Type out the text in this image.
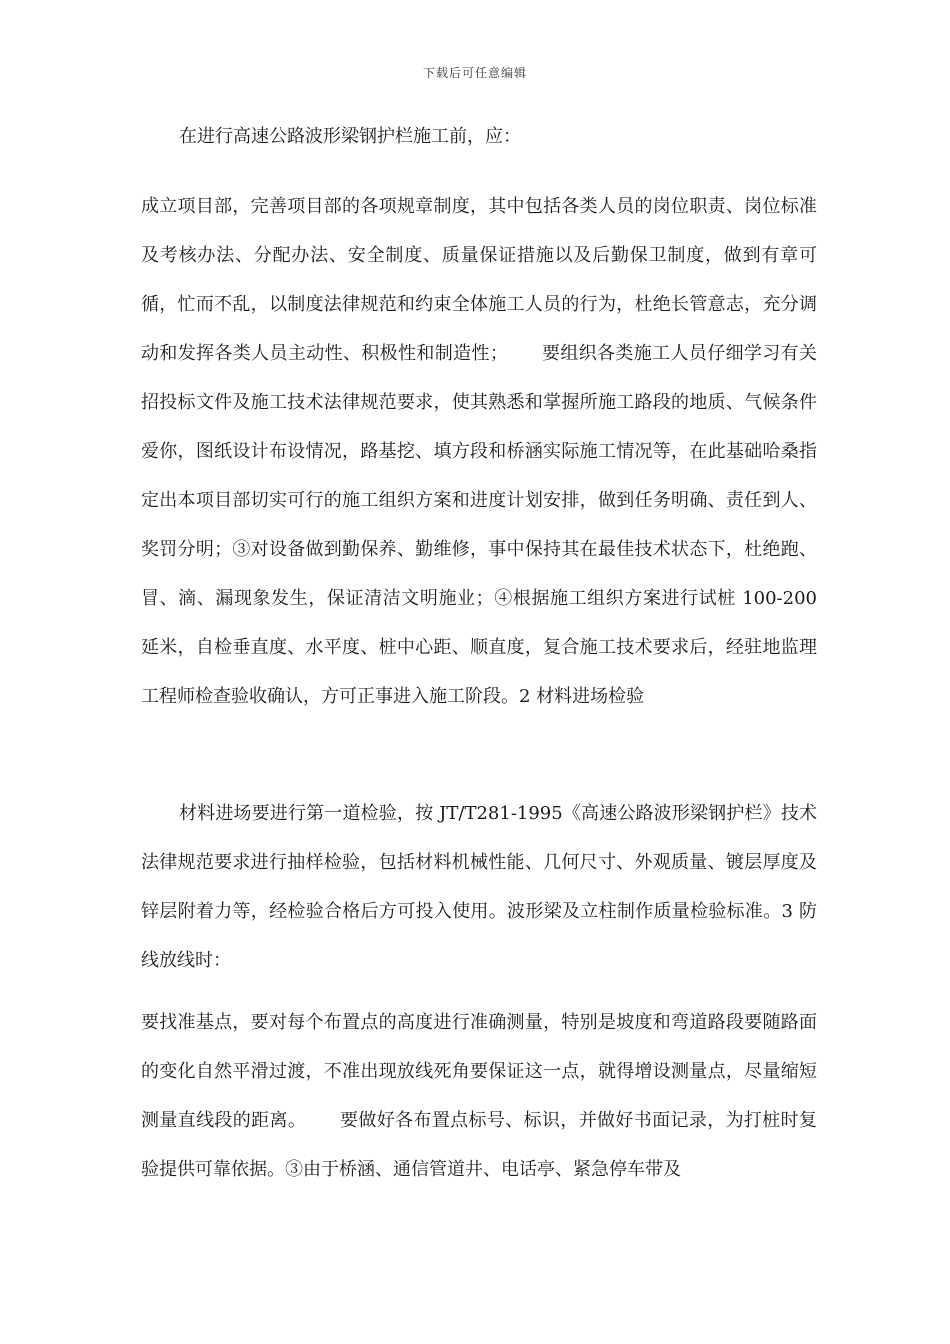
下载后可任意编辑

在进行高速公路波形梁钢护栏施工前，应：

成立项目部，完善项目部的各项规章制度，其中包括各类人员的岗位职责、岗位标准及考核办法、分配办法、安全制度、质量保证措施以及后勤保卫制度，做到有章可循，忙而不乱，以制度法律规范和约束全体施工人员的行为，杜绝长管意志，充分调动和发挥各类人员主动性、积极性和制造性；　　 要组织各类施工人员仔细学习有关招投标文件及施工技术法律规范要求，使其熟悉和掌握所施工路段的地质、气候条件爱你，图纸设计布设情况，路基挖、填方段和桥涵实际施工情况等，在此基础哈桑指定出本项目部切实可行的施工组织方案和进度计划安排，做到任务明确、责任到人、奖罚分明；③对设备做到勤保养、勤维修，事中保持其在最佳技术状态下，杜绝跑、冒、滴、漏现象发生，保证清洁文明施业；④根据施工组织方案进行试桩 100-200 延米，自检垂直度、水平度、桩中心距、顺直度，复合施工技术要求后，经驻地监理工程师检查验收确认，方可正事进入施工阶段。2 材料进场检验

材料进场要进行第一道检验，按 JT/T281-1995《高速公路波形梁钢护栏》技术法律规范要求进行抽样检验，包括材料机械性能、几何尺寸、外观质量、镀层厚度及锌层附着力等，经检验合格后方可投入使用。波形梁及立柱制作质量检验标准。3 防线放线时：

要找准基点，要对每个布置点的高度进行准确测量，特别是坡度和弯道路段要随路面的变化自然平滑过渡，不准出现放线死角要保证这一点，就得增设测量点，尽量缩短测量直线段的距离。　　 要做好各布置点标号、标识，并做好书面记录，为打桩时复验提供可靠依据。③由于桥涵、通信管道井、电话亭、紧急停车带及
